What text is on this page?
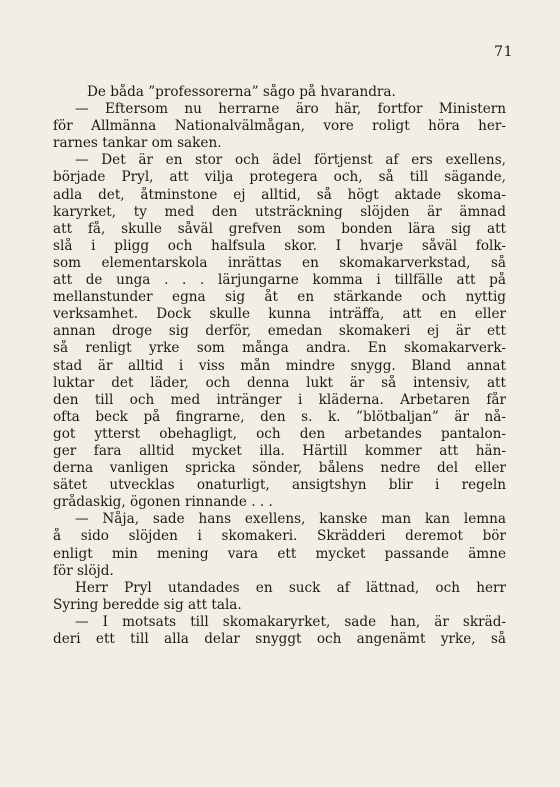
71
De båda ”professorerna” sågo på hvarandra.
— Eftersom nu herrarne äro här, fortfor Ministern
för Allmänna Nationalvälmågan, vore roligt höra her-
rarnes tankar om saken.
— Det är en stor och ädel förtjenst af ers exellens,
började Pryl, att vilja protegera och, så till sägande,
adla det, åtminstone ej alltid, så högt aktade skoma-
karyrket, ty med den utsträckning slöjden är ämnad
att få, skulle såväl grefven som bonden lära sig att
slå i pligg och halfsula skor. I hvarje såväl folk-
som elementarskola inrättas en skomakarverkstad, så
att de unga . . . lärjungarne komma i tillfälle att på
mellanstunder egna sig åt en stärkande och nyttig
verksamhet. Dock skulle kunna inträffa, att en eller
annan droge sig derför, emedan skomakeri ej är ett
så renligt yrke som många andra. En skomakarverk-
stad är alltid i viss mån mindre snygg. Bland annat
luktar det läder, och denna lukt är så intensiv, att
den till och med intränger i kläderna. Arbetaren får
ofta beck på fingrarne, den s. k. ”blötbaljan” är nå-
got ytterst obehagligt, och den arbetandes pantalon-
ger fara alltid mycket illa. Härtill kommer att hän-
derna vanligen spricka sönder, bålens nedre del eller
sätet utvecklas onaturligt, ansigtshyn blir i regeln
grådaskig, ögonen rinnande . . .
— Nåja, sade hans exellens, kanske man kan lemna
å sido slöjden i skomakeri. Skrädderi deremot bör
enligt min mening vara ett mycket passande ämne
för slöjd.
Herr Pryl utandades en suck af lättnad, och herr
Syring beredde sig att tala.
— I motsats till skomakaryrket, sade han, är skräd-
deri ett till alla delar snyggt och angenämt yrke, så
